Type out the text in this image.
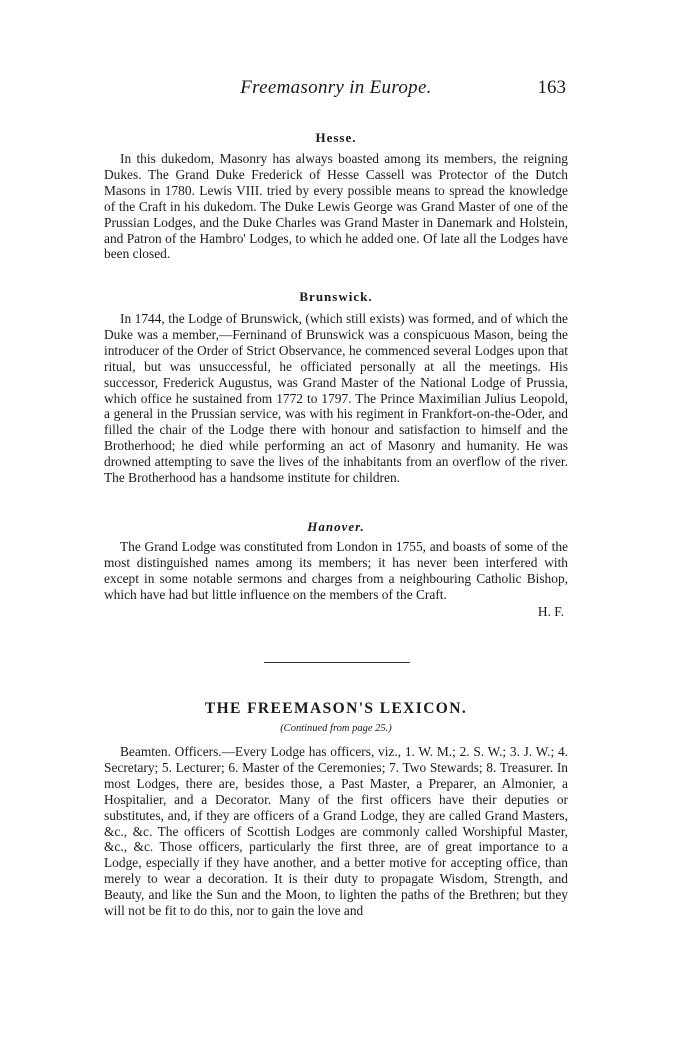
Freemasonry in Europe.	163
Hesse.

In this dukedom, Masonry has always boasted among its members, the reigning Dukes. The Grand Duke Frederick of Hesse Cassell was Protector of the Dutch Masons in 1780. Lewis VIII. tried by every possible means to spread the knowledge of the Craft in his dukedom. The Duke Lewis George was Grand Master of one of the Prussian Lodges, and the Duke Charles was Grand Master in Danemark and Holstein, and Patron of the Hambro' Lodges, to which he added one. Of late all the Lodges have been closed.

Brunswick.

In 1744, the Lodge of Brunswick, (which still exists) was formed, and of which the Duke was a member,—Ferninand of Brunswick was a conspicuous Mason, being the introducer of the Order of Strict Observance, he commenced several Lodges upon that ritual, but was unsuccessful, he officiated personally at all the meetings. His successor, Frederick Augustus, was Grand Master of the National Lodge of Prussia, which office he sustained from 1772 to 1797. The Prince Maximilian Julius Leopold, a general in the Prussian service, was with his regiment in Frankfort-on-the-Oder, and filled the chair of the Lodge there with honour and satisfaction to himself and the Brotherhood; he died while performing an act of Masonry and humanity. He was drowned attempting to save the lives of the inhabitants from an overflow of the river. The Brotherhood has a handsome institute for children.

Hanover.

The Grand Lodge was constituted from London in 1755, and boasts of some of the most distinguished names among its members; it has never been interfered with except in some notable sermons and charges from a neighbouring Catholic Bishop, which have had but little influence on the members of the Craft.

H. F.

THE FREEMASON'S LEXICON.

(Continued from page 25.)

Beamten. Officers.—Every Lodge has officers, viz., 1. W. M.; 2. S. W.; 3. J. W.; 4. Secretary; 5. Lecturer; 6. Master of the Ceremonies; 7. Two Stewards; 8. Treasurer. In most Lodges, there are, besides those, a Past Master, a Preparer, an Almonier, a Hospitalier, and a Decorator. Many of the first officers have their deputies or substitutes, and, if they are officers of a Grand Lodge, they are called Grand Masters, &c., &c. The officers of Scottish Lodges are commonly called Worshipful Master, &c., &c. Those officers, particularly the first three, are of great importance to a Lodge, especially if they have another, and a better motive for accepting office, than merely to wear a decoration. It is their duty to propagate Wisdom, Strength, and Beauty, and like the Sun and the Moon, to lighten the paths of the Brethren; but they will not be fit to do this, nor to gain the love and
